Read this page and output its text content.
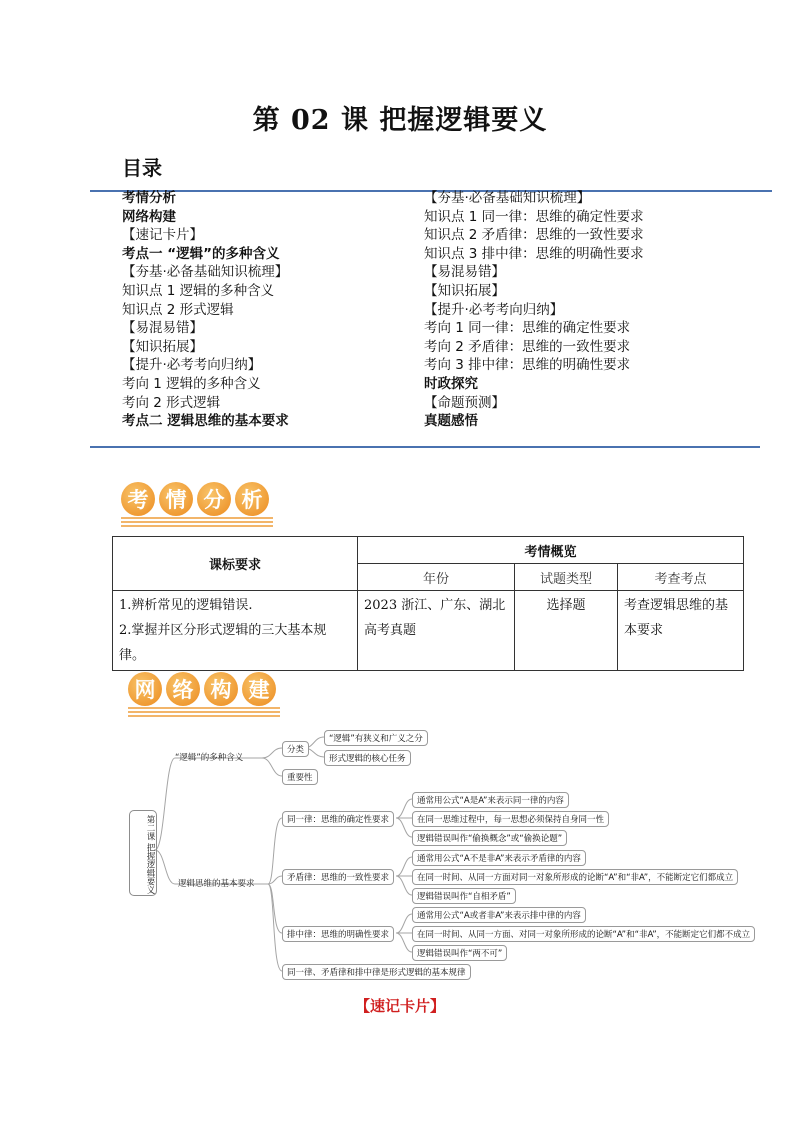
第 02 课 把握逻辑要义
目录
考情分析
网络构建
【速记卡片】
考点一 “逻辑”的多种含义
【夯基·必备基础知识梳理】
知识点 1 逻辑的多种含义
知识点 2 形式逻辑
【易混易错】
【知识拓展】
【提升·必考考向归纳】
考向 1 逻辑的多种含义
考向 2 形式逻辑
考点二 逻辑思维的基本要求
【夯基·必备基础知识梳理】
知识点 1 同一律：思维的确定性要求
知识点 2 矛盾律：思维的一致性要求
知识点 3 排中律：思维的明确性要求
【易混易错】
【知识拓展】
【提升·必考考向归纳】
考向 1 同一律：思维的确定性要求
考向 2 矛盾律：思维的一致性要求
考向 3 排中律：思维的明确性要求
时政探究
【命题预测】
真题感悟
考 情 分 析
课标要求	考情概览		
	年份	试题类型	考查考点

1.辨析常见的逻辑错误.
2.掌握并区分形式逻辑的三大基本规律。	2023 浙江、广东、湖北高考真题	选择题	考查逻辑思维的基本要求
网 络 构 建
第二课 把握逻辑要义
“逻辑”的多种含义
分类
重要性
“逻辑”有狭义和广义之分
形式逻辑的核心任务
逻辑思维的基本要求
同一律：思维的确定性要求
通常用公式“A是A”来表示同一律的内容
在同一思维过程中，每一思想必须保持自身同一性
逻辑错误叫作“偷换概念”或“偷换论题”
矛盾律：思维的一致性要求
通常用公式“A不是非A”来表示矛盾律的内容
在同一时间、从同一方面对同一对象所形成的论断“A”和“非A”，不能断定它们都成立
逻辑错误叫作“自相矛盾”
排中律：思维的明确性要求
通常用公式“A或者非A”来表示排中律的内容
在同一时间、从同一方面、对同一对象所形成的论断“A”和“非A”，不能断定它们都不成立
逻辑错误叫作“两不可”
同一律、矛盾律和排中律是形式逻辑的基本规律
【速记卡片】
